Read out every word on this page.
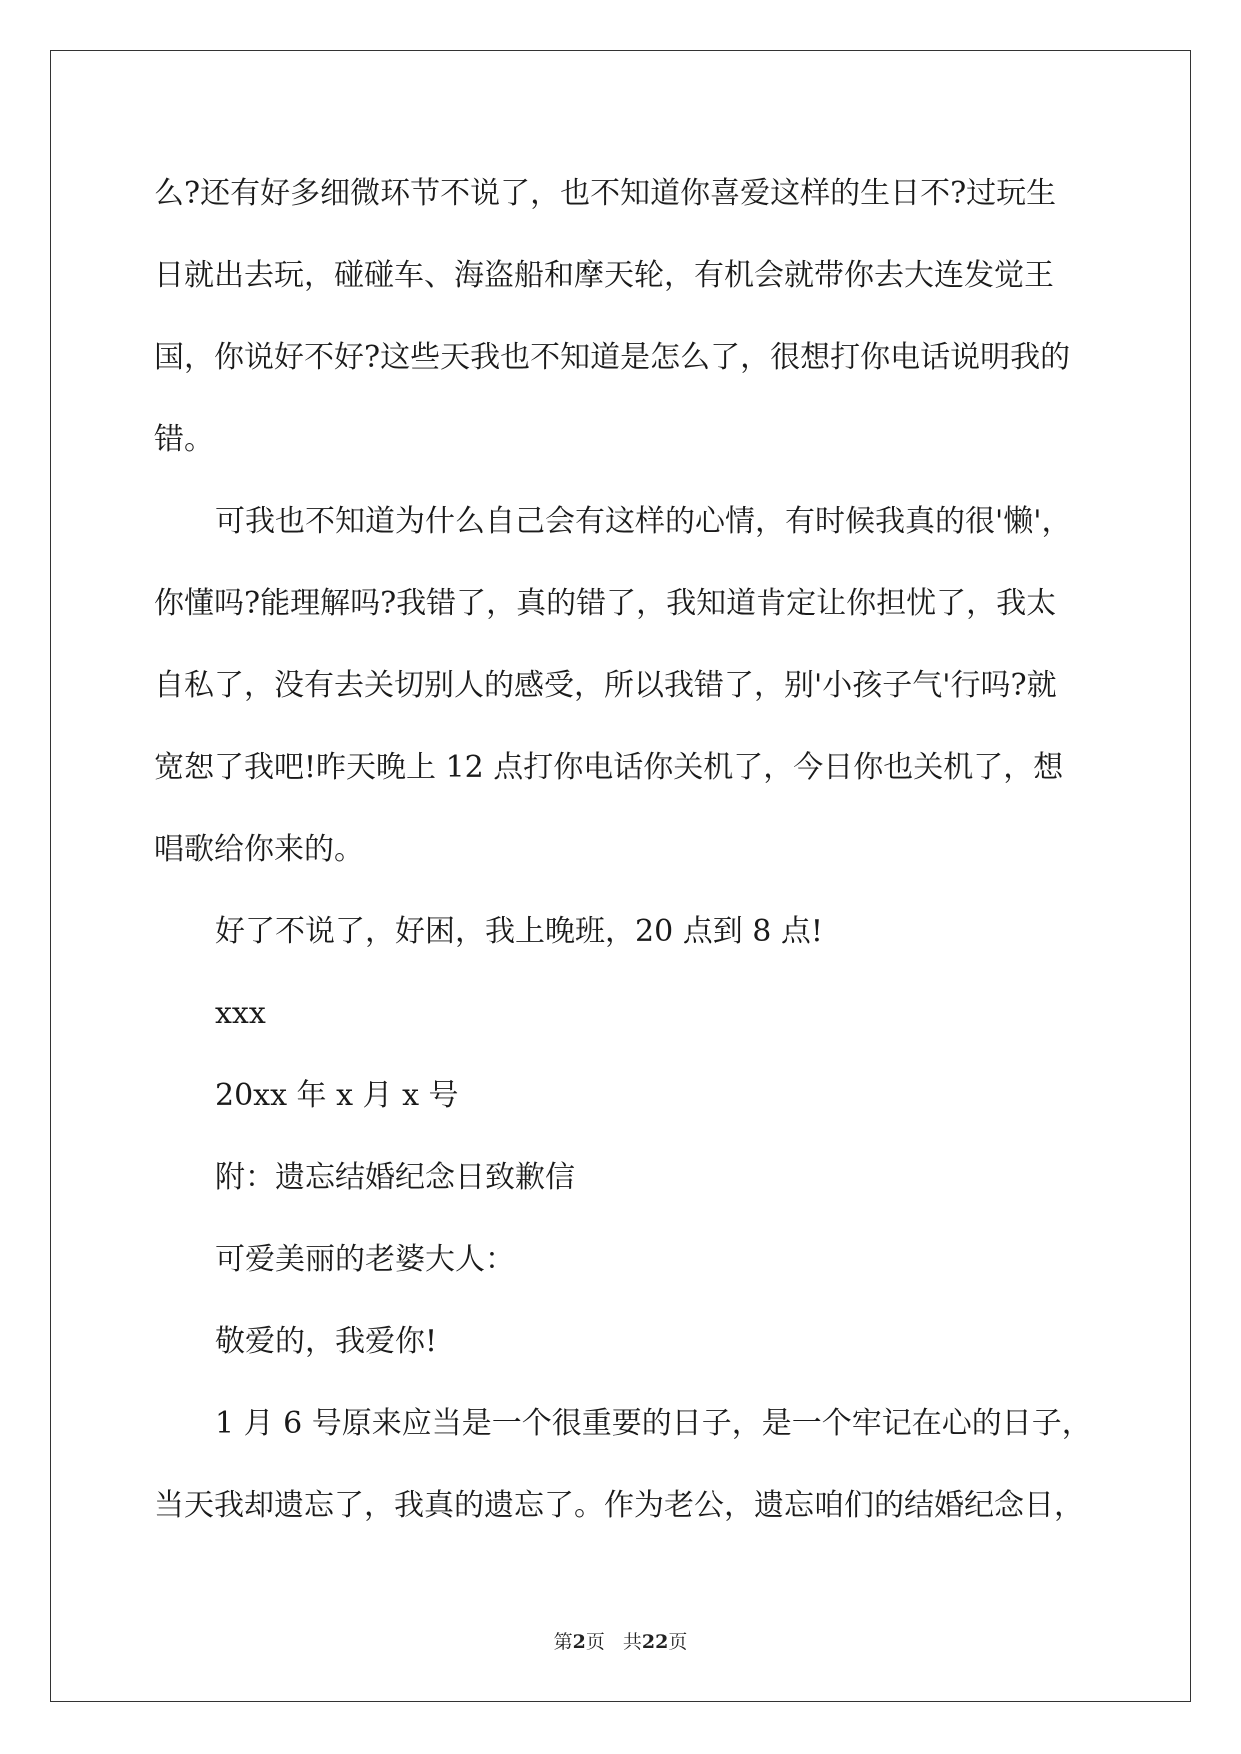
么?还有好多细微环节不说了，也不知道你喜爱这样的生日不?过玩生
日就出去玩，碰碰车、海盗船和摩天轮，有机会就带你去大连发觉王
国，你说好不好?这些天我也不知道是怎么了，很想打你电话说明我的
错。
可我也不知道为什么自己会有这样的心情，有时候我真的很'懒'，
你懂吗?能理解吗?我错了，真的错了，我知道肯定让你担忧了，我太
自私了，没有去关切别人的感受，所以我错了，别'小孩子气'行吗?就
宽恕了我吧!昨天晚上 12 点打你电话你关机了，今日你也关机了，想
唱歌给你来的。
好了不说了，好困，我上晚班，20 点到 8 点!
xxx
20xx 年 x 月 x 号
附：遗忘结婚纪念日致歉信
可爱美丽的老婆大人：
敬爱的，我爱你!
1 月 6 号原来应当是一个很重要的日子，是一个牢记在心的日子，
当天我却遗忘了，我真的遗忘了。作为老公，遗忘咱们的结婚纪念日，
第2页 共22页
